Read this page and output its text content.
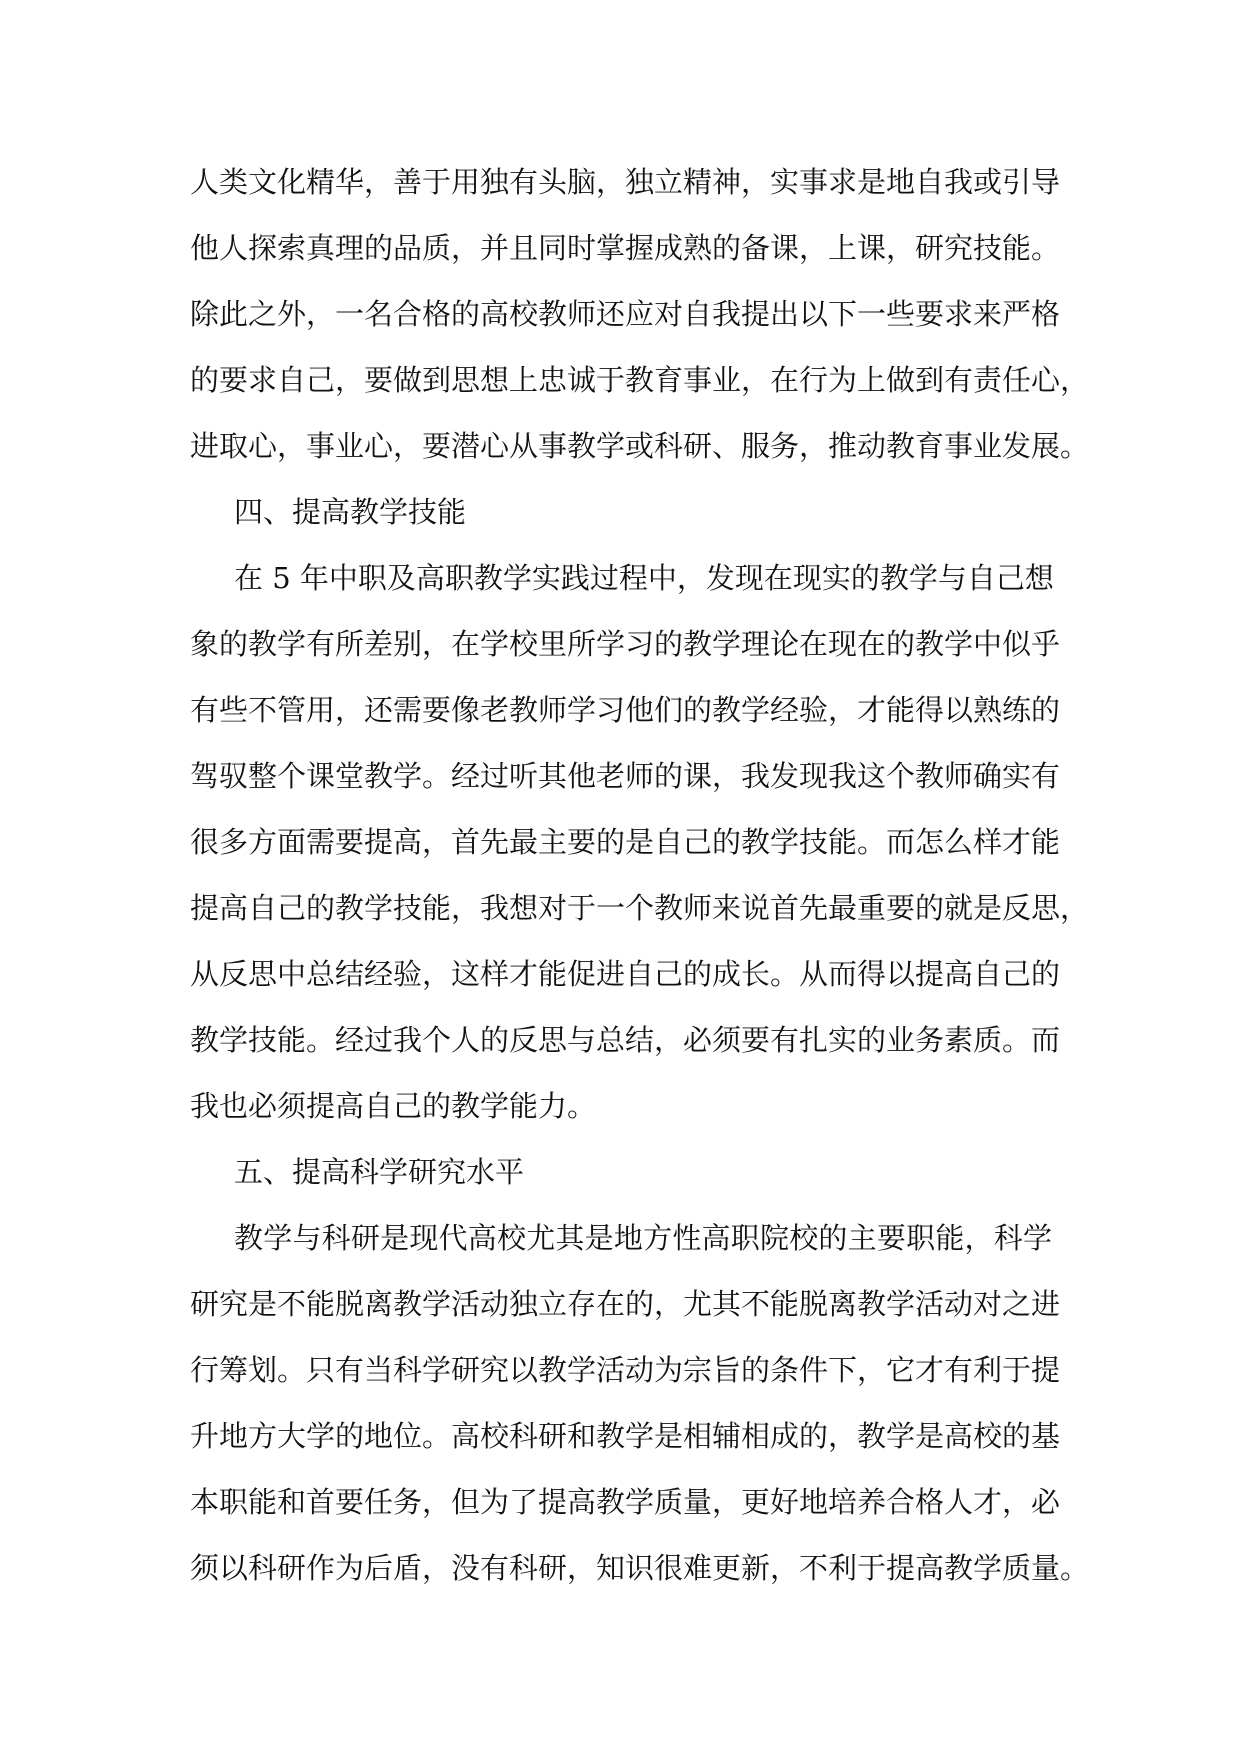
人类文化精华，善于用独有头脑，独立精神，实事求是地自我或引导
他人探索真理的品质，并且同时掌握成熟的备课，上课，研究技能。
除此之外，一名合格的高校教师还应对自我提出以下一些要求来严格
的要求自己，要做到思想上忠诚于教育事业，在行为上做到有责任心，
进取心，事业心，要潜心从事教学或科研、服务，推动教育事业发展。
四、提高教学技能
在 5 年中职及高职教学实践过程中，发现在现实的教学与自己想
象的教学有所差别，在学校里所学习的教学理论在现在的教学中似乎
有些不管用，还需要像老教师学习他们的教学经验，才能得以熟练的
驾驭整个课堂教学。经过听其他老师的课，我发现我这个教师确实有
很多方面需要提高，首先最主要的是自己的教学技能。而怎么样才能
提高自己的教学技能，我想对于一个教师来说首先最重要的就是反思，
从反思中总结经验，这样才能促进自己的成长。从而得以提高自己的
教学技能。经过我个人的反思与总结，必须要有扎实的业务素质。而
我也必须提高自己的教学能力。
五、提高科学研究水平
教学与科研是现代高校尤其是地方性高职院校的主要职能，科学
研究是不能脱离教学活动独立存在的，尤其不能脱离教学活动对之进
行筹划。只有当科学研究以教学活动为宗旨的条件下，它才有利于提
升地方大学的地位。高校科研和教学是相辅相成的，教学是高校的基
本职能和首要任务，但为了提高教学质量，更好地培养合格人才，必
须以科研作为后盾，没有科研，知识很难更新，不利于提高教学质量。
